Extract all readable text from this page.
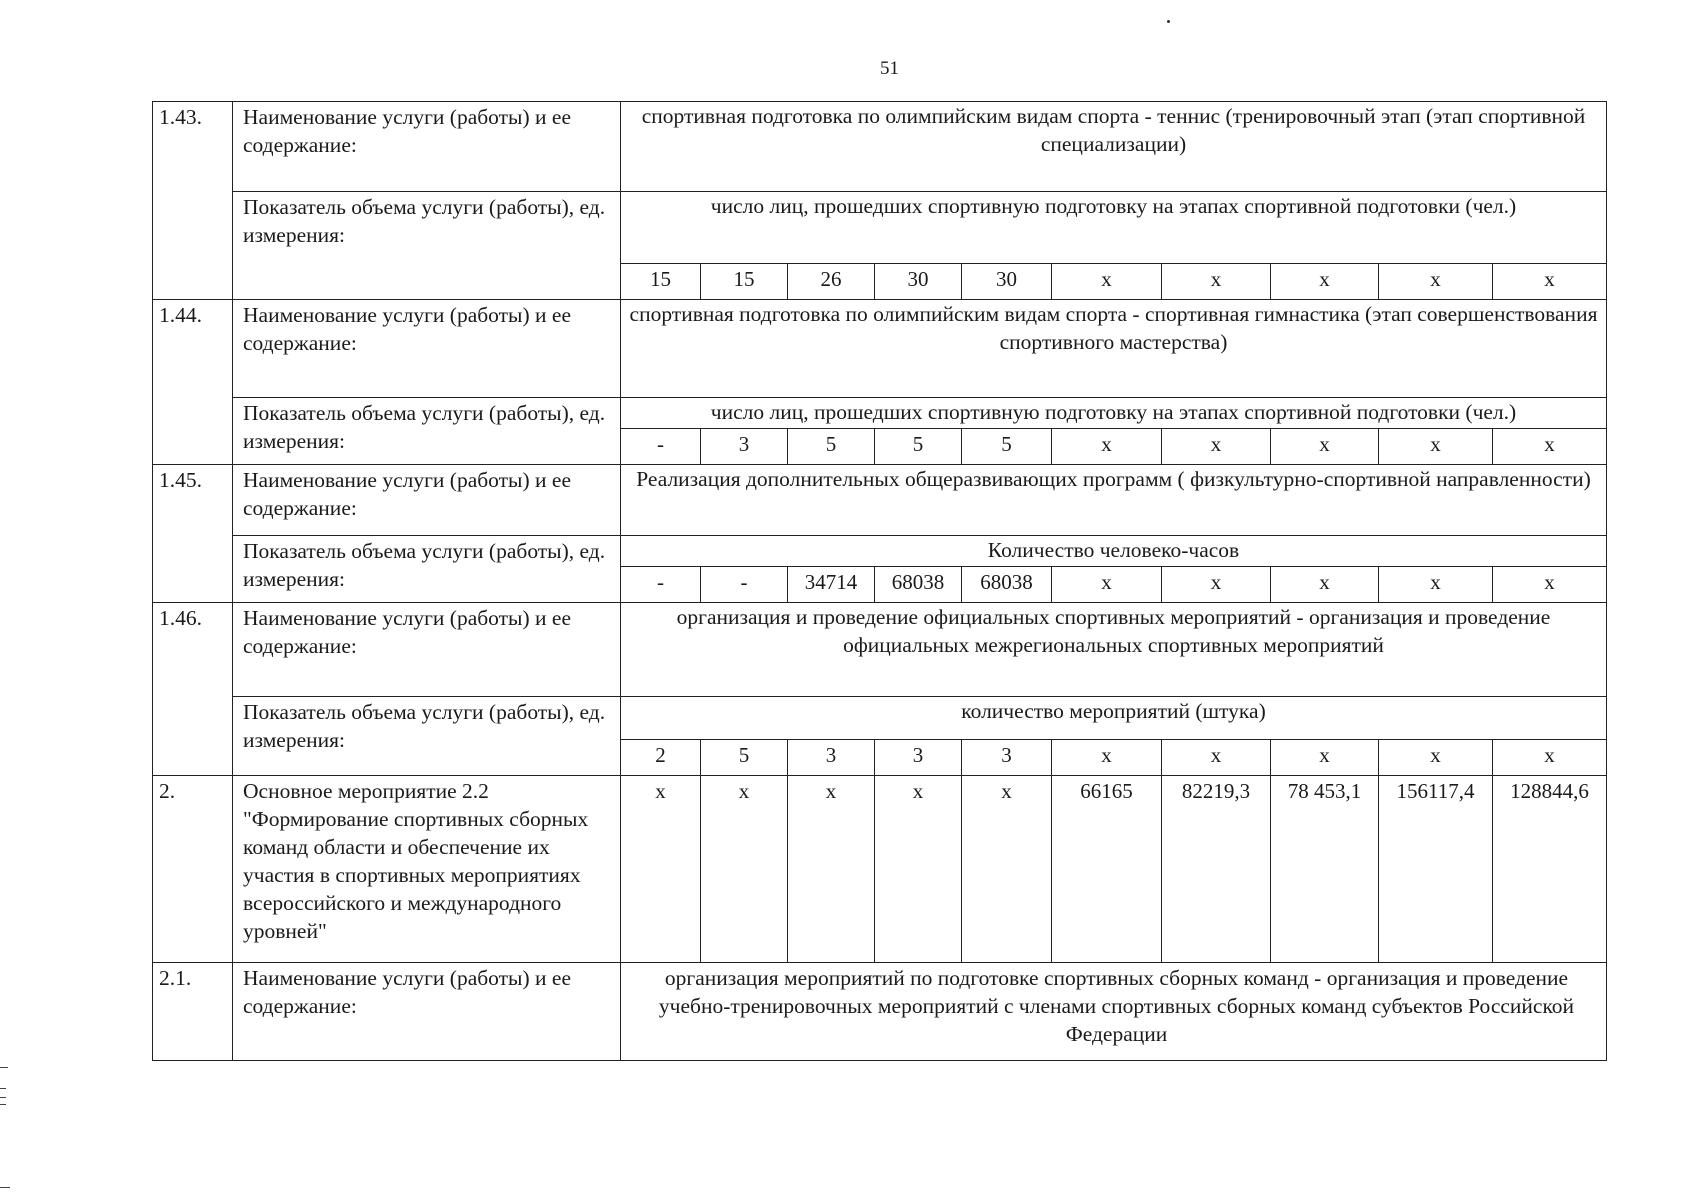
51
1.43.	Наименование услуги (работы) и ее содержание:	спортивная подготовка по олимпийским видам спорта - теннис (тренировочный этап (этап спортивной специализации)									
	Показатель объема услуги (работы), ед. измерения:	число лиц, прошедших спортивную подготовку на этапах спортивной подготовки (чел.)									
		15	15	26	30	30	х	х	х	х	х
1.44.	Наименование услуги (работы) и ее содержание:	спортивная подготовка по олимпийским видам спорта - спортивная гимнастика (этап совершенствования спортивного мастерства)									
	Показатель объема услуги (работы), ед. измерения:	число лиц, прошедших спортивную подготовку на этапах спортивной подготовки (чел.)									
		-	3	5	5	5	х	х	х	х	х
1.45.	Наименование услуги (работы) и ее содержание:	Реализация дополнительных общеразвивающих программ ( физкультурно-спортивной направленности)									
	Показатель объема услуги (работы), ед. измерения:	Количество человеко-часов									
		-	-	34714	68038	68038	х	х	х	х	х
1.46.	Наименование услуги (работы) и ее содержание:	организация и проведение официальных спортивных мероприятий - организация и проведение официальных межрегиональных спортивных мероприятий									
	Показатель объема услуги (работы), ед. измерения:	количество мероприятий (штука)									
		2	5	3	3	3	х	х	х	х	х
2.	Основное мероприятие 2.2 "Формирование спортивных сборных команд области и обеспечение их участия в спортивных мероприятиях всероссийского и международного уровней"	х	х	х	х	х	66165	82219,3	78 453,1	156117,4	128844,6
2.1.	Наименование услуги (работы) и ее содержание:	организация мероприятий по подготовке спортивных сборных команд - организация и проведение учебно-тренировочных мероприятий с членами спортивных сборных команд субъектов Российской Федерации									
